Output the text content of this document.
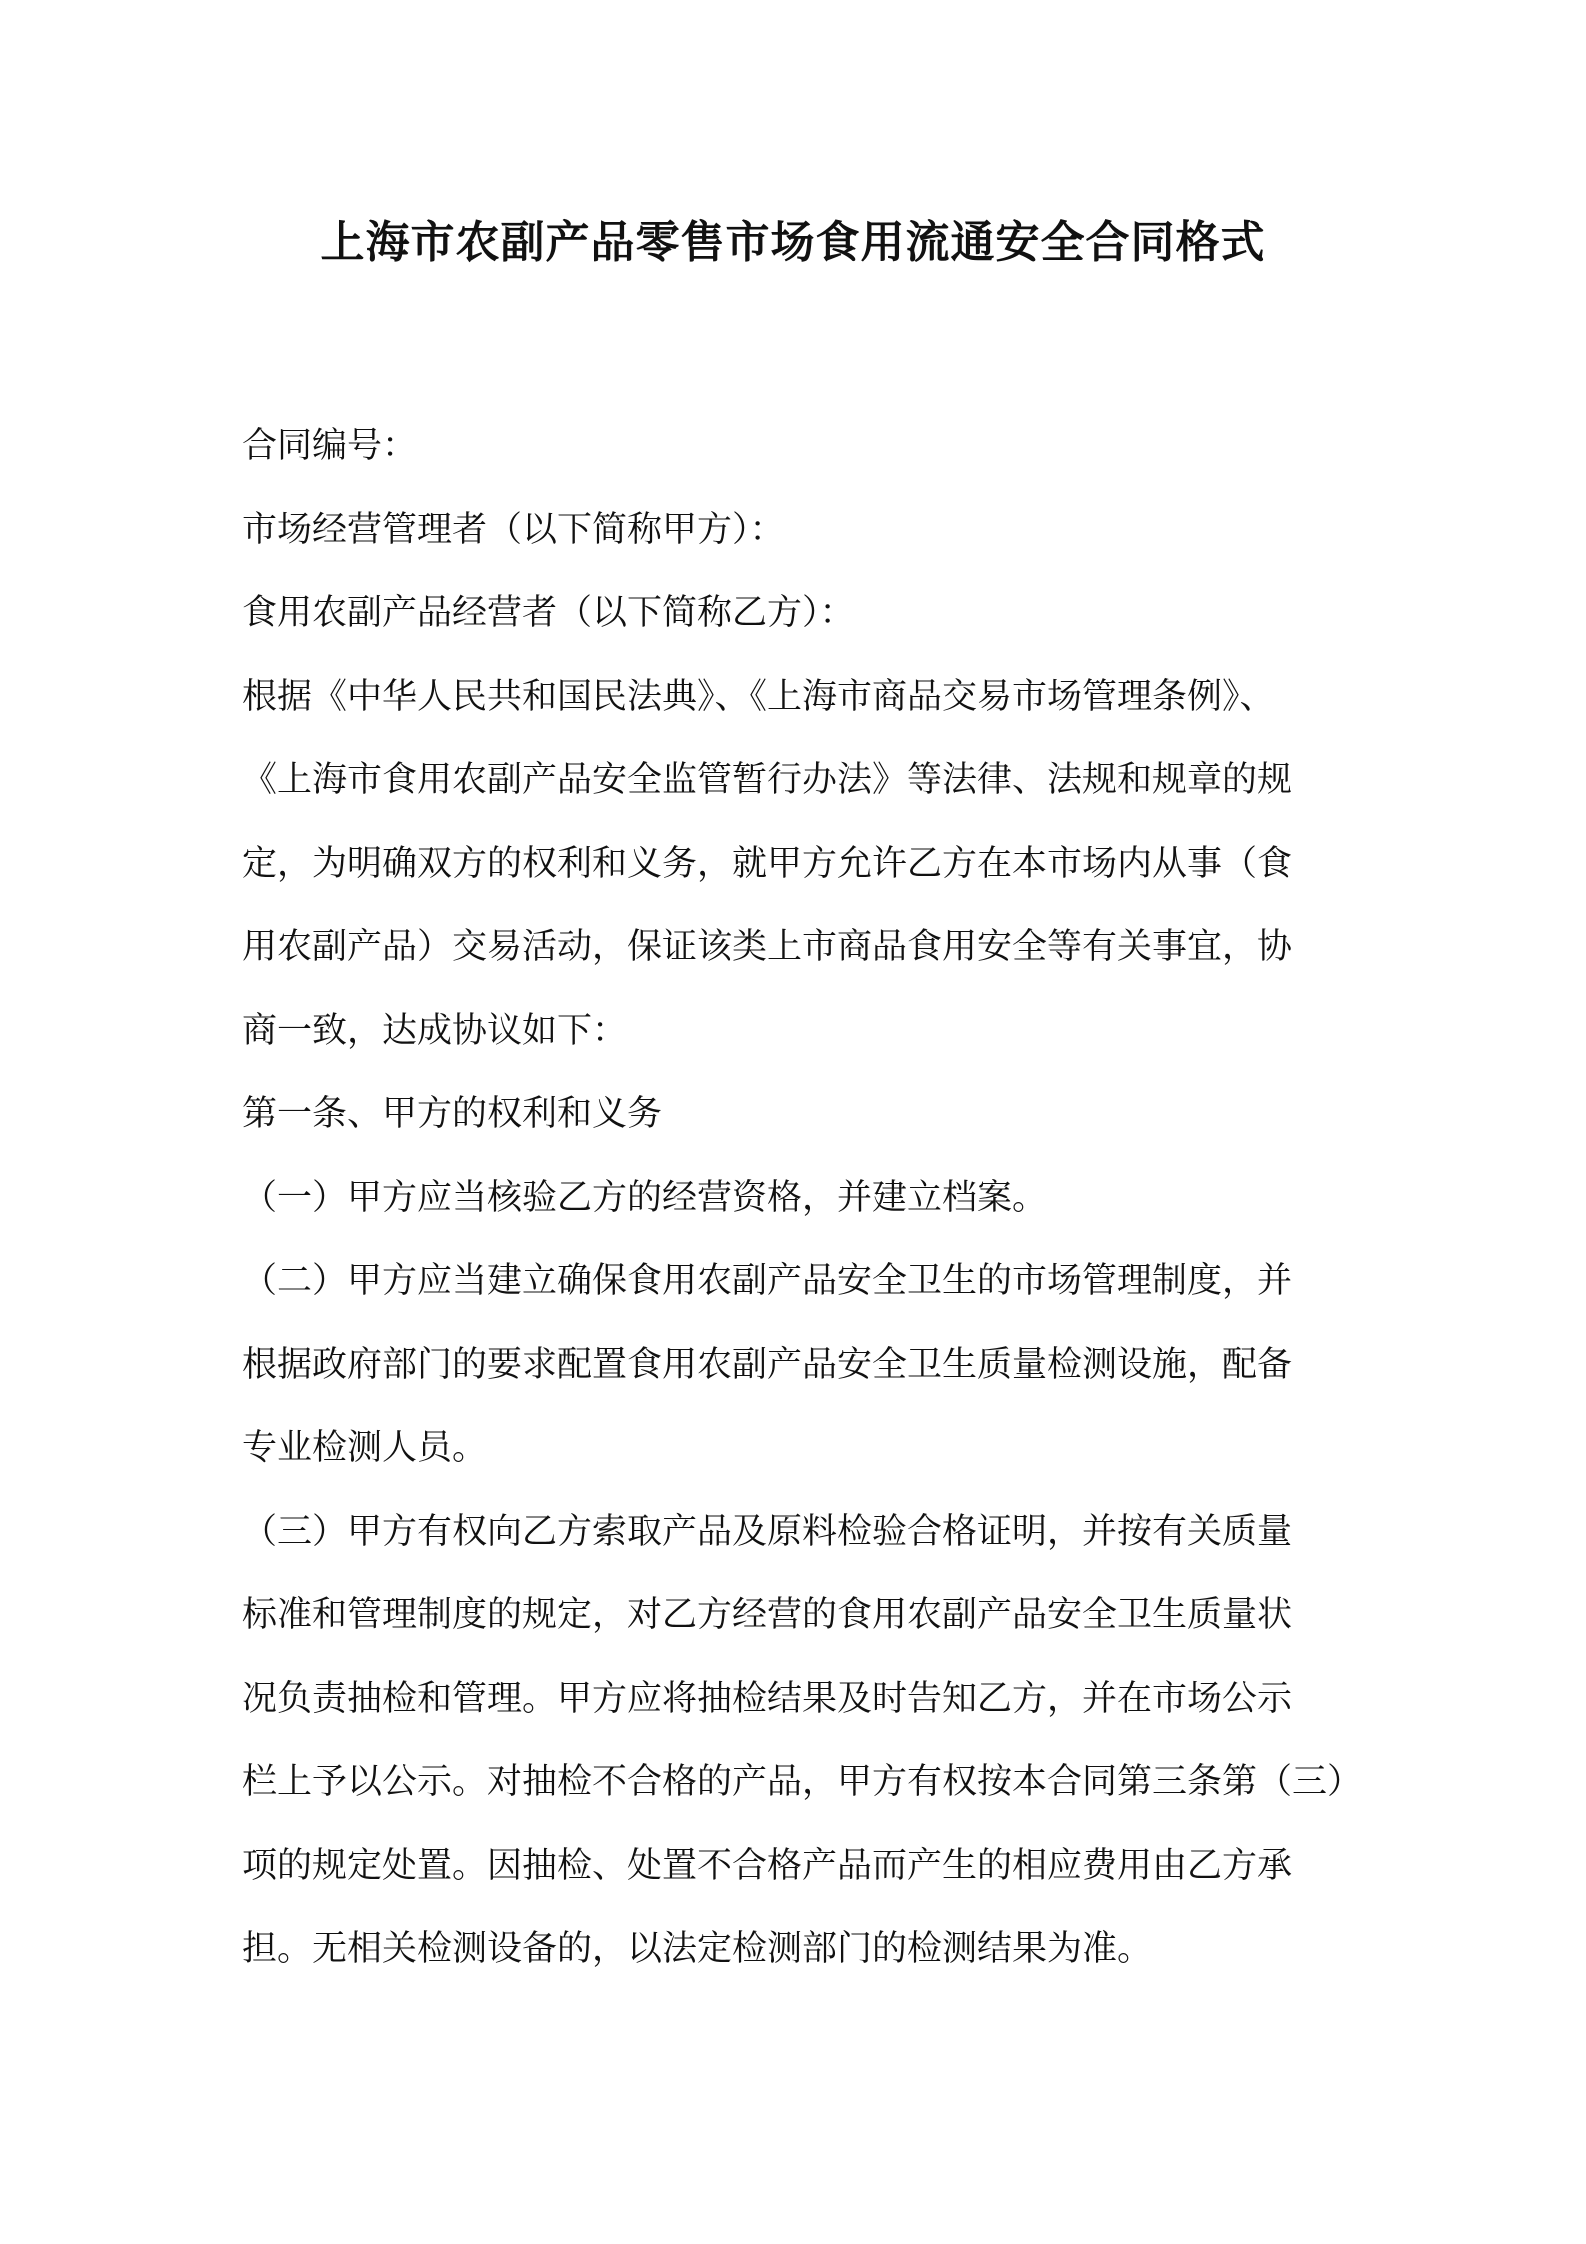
上海市农副产品零售市场食用流通安全合同格式

合同编号：

市场经营管理者（以下简称甲方）：

食用农副产品经营者（以下简称乙方）：

根据《中华人民共和国民法典》、《上海市商品交易市场管理条例》、

《上海市食用农副产品安全监管暂行办法》等法律、法规和规章的规

定，为明确双方的权利和义务，就甲方允许乙方在本市场内从事（食

用农副产品）交易活动，保证该类上市商品食用安全等有关事宜，协

商一致，达成协议如下：

第一条、甲方的权利和义务

（一）甲方应当核验乙方的经营资格，并建立档案。

（二）甲方应当建立确保食用农副产品安全卫生的市场管理制度，并

根据政府部门的要求配置食用农副产品安全卫生质量检测设施，配备

专业检测人员。

（三）甲方有权向乙方索取产品及原料检验合格证明，并按有关质量

标准和管理制度的规定，对乙方经营的食用农副产品安全卫生质量状

况负责抽检和管理。甲方应将抽检结果及时告知乙方，并在市场公示

栏上予以公示。对抽检不合格的产品，甲方有权按本合同第三条第（三）

项的规定处置。因抽检、处置不合格产品而产生的相应费用由乙方承

担。无相关检测设备的，以法定检测部门的检测结果为准。
